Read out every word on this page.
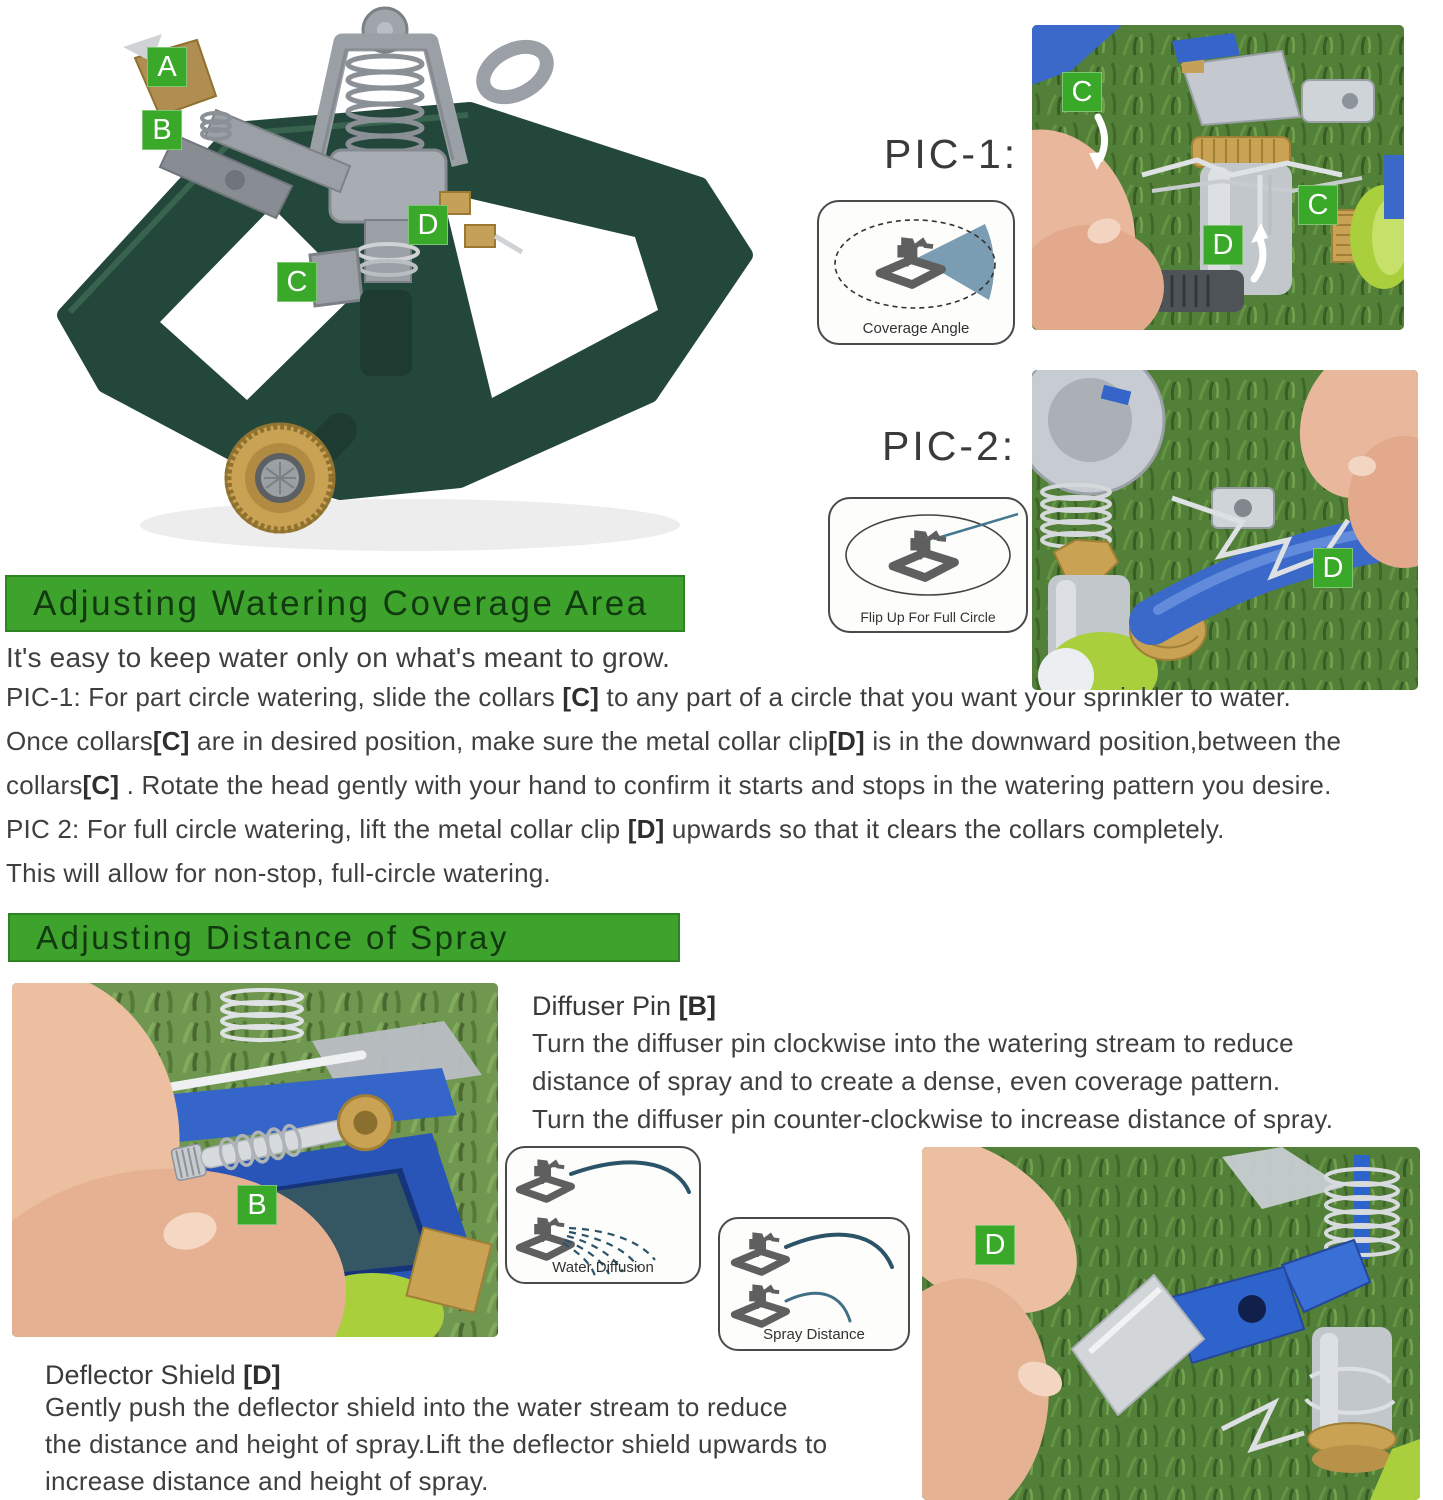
A
B
C
D
PIC-1:
Coverage Angle
C
C
D
PIC-2:
Flip Up For Full Circle
D
Adjusting Watering Coverage Area
It's easy to keep water only on what's meant to grow.
PIC-1: For part circle watering, slide the collars [C] to any part of a circle that you want your sprinkler to water.
Once collars[C] are in desired position, make sure the metal collar clip[D] is in the downward position,between the
collars[C] . Rotate the head gently with your hand to confirm it starts and stops in the watering pattern you desire.
PIC 2: For full circle watering, lift the metal collar clip [D] upwards so that it clears the collars completely.
This will allow for non-stop, full-circle watering.
Adjusting Distance of Spray
B
Diffuser Pin [B]
Turn the diffuser pin clockwise into the watering stream to reduce
distance of spray and to create a dense, even coverage pattern.
Turn the diffuser pin counter-clockwise to increase distance of spray.
Water Diffusion
Spray Distance
D
Deflector Shield [D]
Gently push the deflector shield into the water stream to reduce
the distance and height of spray.Lift the deflector shield upwards to
increase distance and height of spray.
